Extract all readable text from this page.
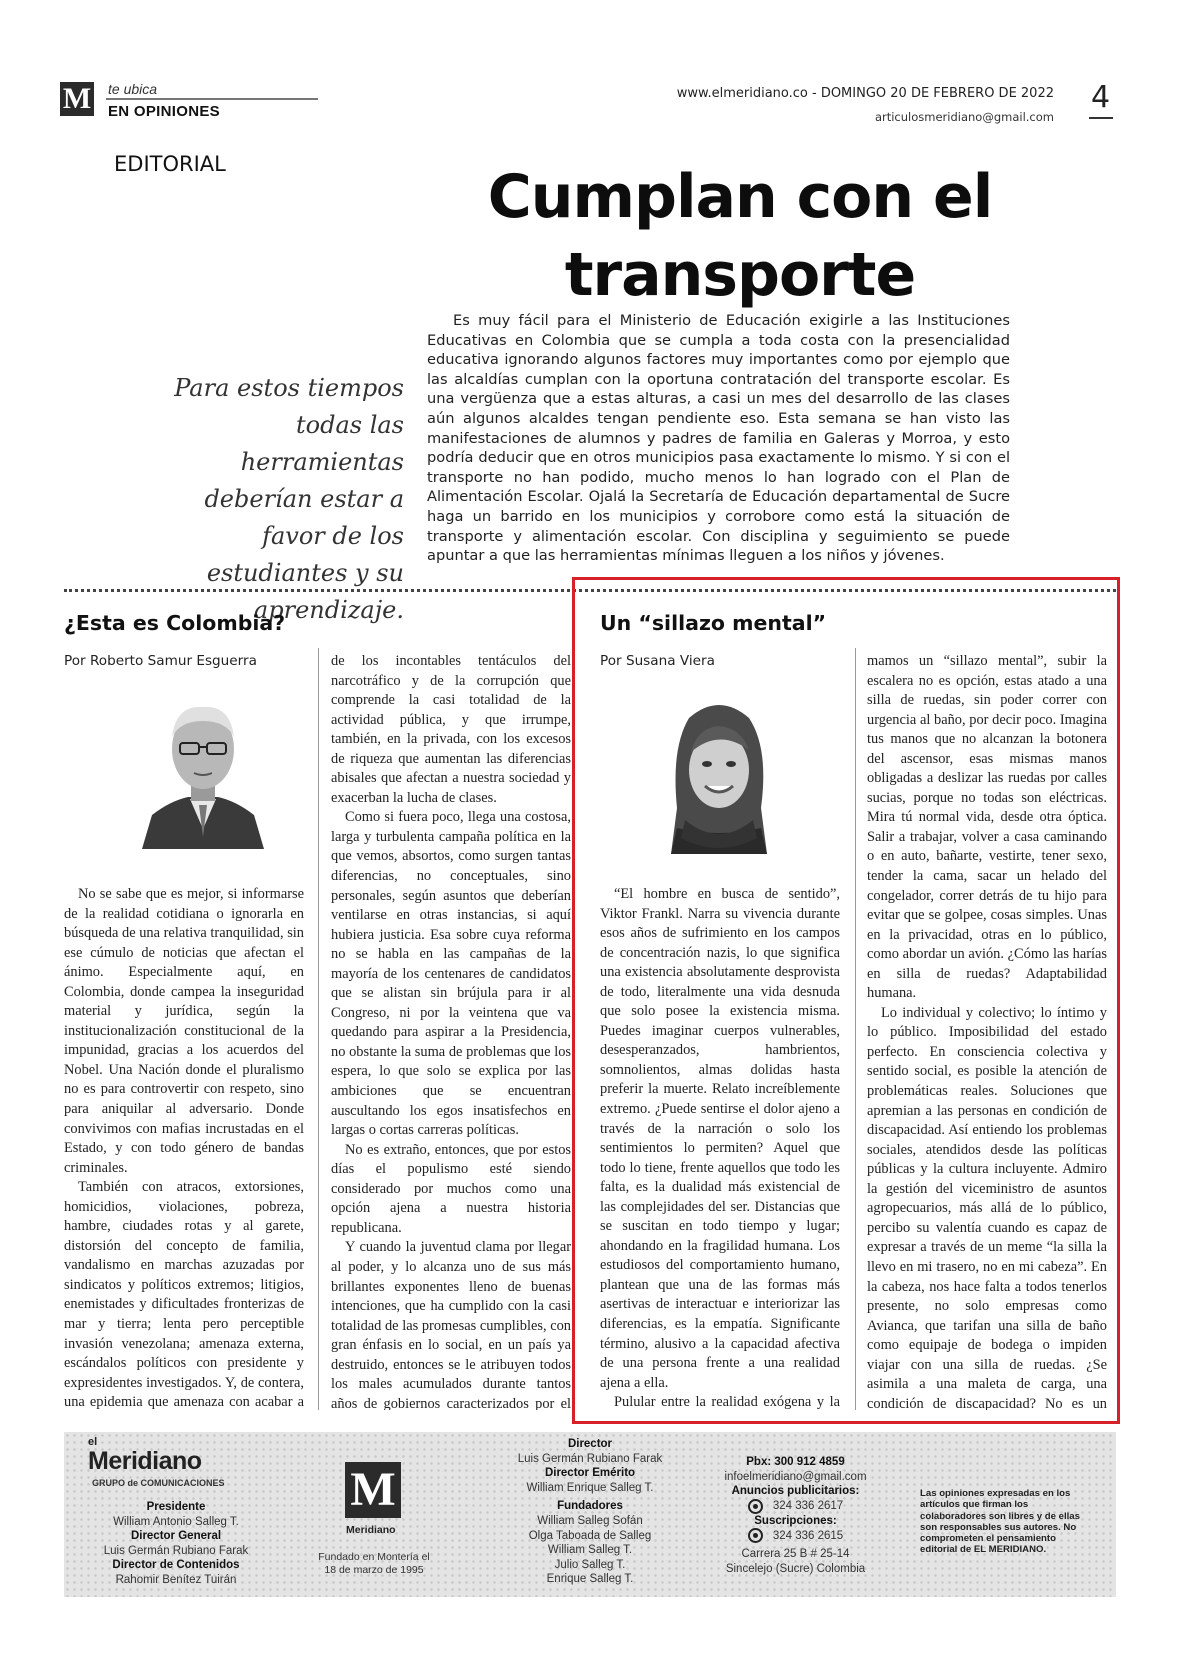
M te ubica
EN OPINIONES
www.elmeridiano.co - DOMINGO 20 DE FEBRERO DE 2022
articulosmeridiano@gmail.com
4
EDITORIAL	Cumplan con el
transporte
Para estos tiempos todas las herramientas deberían estar a favor de los estudiantes y su aprendizaje.
Es muy fácil para el Ministerio de Educación exigirle a las Instituciones Educativas en Colombia que se cumpla a toda costa con la presencialidad educativa ignorando algunos factores muy importantes como por ejemplo que las alcaldías cumplan con la oportuna contratación del transporte escolar. Es una vergüenza que a estas alturas, a casi un mes del desarrollo de las clases aún algunos alcaldes tengan pendiente eso. Esta semana se han visto las manifestaciones de alumnos y padres de familia en Galeras y Morroa, y esto podría deducir que en otros municipios pasa exactamente lo mismo. Y si con el transporte no han podido, mucho menos lo han logrado con el Plan de Alimentación Escolar. Ojalá la Secretaría de Educación departamental de Sucre haga un barrido en los municipios y corrobore como está la situación de transporte y alimentación escolar. Con disciplina y seguimiento se puede apuntar a que las herramientas mínimas lleguen a los niños y jóvenes.
¿Esta es Colombia?
Por Roberto Samur Esguerra

No se sabe que es mejor, si informarse de la realidad cotidiana o ignorarla en búsqueda de una relativa tranquilidad, sin ese cúmulo de noticias que afectan el ánimo. Especialmente aquí, en Colombia, donde campea la inseguridad material y jurídica, según la institucionalización constitucional de la impunidad, gracias a los acuerdos del Nobel. Una Nación donde el pluralismo no es para controvertir con respeto, sino para aniquilar al adversario. Donde convivimos con mafias incrustadas en el Estado, y con todo género de bandas criminales.

También con atracos, extorsiones, homicidios, violaciones, pobreza, hambre, ciudades rotas y al garete, distorsión del concepto de familia, vandalismo en marchas azuzadas por sindicatos y políticos extremos; litigios, enemistades y dificultades fronterizas de mar y tierra; lenta pero perceptible invasión venezolana; amenaza externa, escándalos políticos con presidente y expresidentes investigados. Y, de contera, una epidemia que amenaza con acabar a

de los incontables tentáculos del narcotráfico y de la corrupción que comprende la casi totalidad de la actividad pública, y que irrumpe, también, en la privada, con los excesos de riqueza que aumentan las diferencias abisales que afectan a nuestra sociedad y exacerban la lucha de clases.

Como si fuera poco, llega una costosa, larga y turbulenta campaña política en la que vemos, absortos, como surgen tantas diferencias, no conceptuales, sino personales, según asuntos que deberían ventilarse en otras instancias, si aquí hubiera justicia. Esa sobre cuya reforma no se habla en las campañas de la mayoría de los centenares de candidatos que se alistan sin brújula para ir al Congreso, ni por la veintena que va quedando para aspirar a la Presidencia, no obstante la suma de problemas que los espera, lo que solo se explica por las ambiciones que se encuentran auscultando los egos insatisfechos en largas o cortas carreras políticas.

No es extraño, entonces, que por estos días el populismo esté siendo considerado por muchos como una opción ajena a nuestra historia republicana.

Y cuando la juventud clama por llegar al poder, y lo alcanza uno de sus más brillantes exponentes lleno de buenas intenciones, que ha cumplido con la casi totalidad de las promesas cumplibles, con gran énfasis en lo social, en un país ya destruido, entonces se le atribuyen todos los males acumulados durante tantos años de gobiernos caracterizados por el

Un “sillazo mental”
Por Susana Viera

“El hombre en busca de sentido”, Viktor Frankl. Narra su vivencia durante esos años de sufrimiento en los campos de concentración nazis, lo que significa una existencia absolutamente desprovista de todo, literalmente una vida desnuda que solo posee la existencia misma. Puedes imaginar cuerpos vulnerables, desesperanzados, hambrientos, somnolientos, almas dolidas hasta preferir la muerte. Relato increíblemente extremo. ¿Puede sentirse el dolor ajeno a través de la narración o solo los sentimientos lo permiten? Aquel que todo lo tiene, frente aquellos que todo les falta, es la dualidad más existencial de las complejidades del ser. Distancias que se suscitan en todo tiempo y lugar; ahondando en la fragilidad humana. Los estudiosos del comportamiento humano, plantean que una de las formas más asertivas de interactuar e interiorizar las diferencias, es la empatía. Significante término, alusivo a la capacidad afectiva de una persona frente a una realidad ajena a ella.

Pulular entre la realidad exógena y la

mamos un “sillazo mental”, subir la escalera no es opción, estas atado a una silla de ruedas, sin poder correr con urgencia al baño, por decir poco. Imagina tus manos que no alcanzan la botonera del ascensor, esas mismas manos obligadas a deslizar las ruedas por calles sucias, porque no todas son eléctricas. Mira tú normal vida, desde otra óptica. Salir a trabajar, volver a casa caminando o en auto, bañarte, vestirte, tener sexo, tender la cama, sacar un helado del congelador, correr detrás de tu hijo para evitar que se golpee, cosas simples. Unas en la privacidad, otras en lo público, como abordar un avión. ¿Cómo las harías en silla de ruedas? Adaptabilidad humana.

Lo individual y colectivo; lo íntimo y lo público. Imposibilidad del estado perfecto. En consciencia colectiva y sentido social, es posible la atención de problemáticas reales. Soluciones que apremian a las personas en condición de discapacidad. Así entiendo los problemas sociales, atendidos desde las políticas públicas y la cultura incluyente. Admiro la gestión del viceministro de asuntos agropecuarios, más allá de lo público, percibo su valentía cuando es capaz de expresar a través de un meme “la silla la llevo en mi trasero, no en mi cabeza”. En la cabeza, nos hace falta a todos tenerlos presente, no solo empresas como Avianca, que tarifan una silla de baño como equipaje de bodega o impiden viajar con una silla de ruedas. ¿Se asimila a una maleta de carga, una condición de discapacidad? No es un

el
Meridiano
GRUPO de COMUNICACIONES
Presidente
William Antonio Salleg T.
Director General
Luis Germán Rubiano Farak
Director de Contenidos
Rahomir Benítez Tuirán
M
Meridiano
Fundado en Montería el 18 de marzo de 1995
Director
Luis Germán Rubiano Farak
Director Emérito
William Enrique Salleg T.
Fundadores
William Salleg Sofán
Olga Taboada de Salleg
William Salleg T.
Julio Salleg T.
Enrique Salleg T.
Pbx: 300 912 4859
infoelmeridiano@gmail.com
Anuncios publicitarios:
324 336 2617
Suscripciones:
324 336 2615
Carrera 25 B # 25-14
Sincelejo (Sucre) Colombia
Las opiniones expresadas en los artículos que firman los colaboradores son libres y de ellas son responsables sus autores. No comprometen el pensamiento editorial de EL MERIDIANO.
